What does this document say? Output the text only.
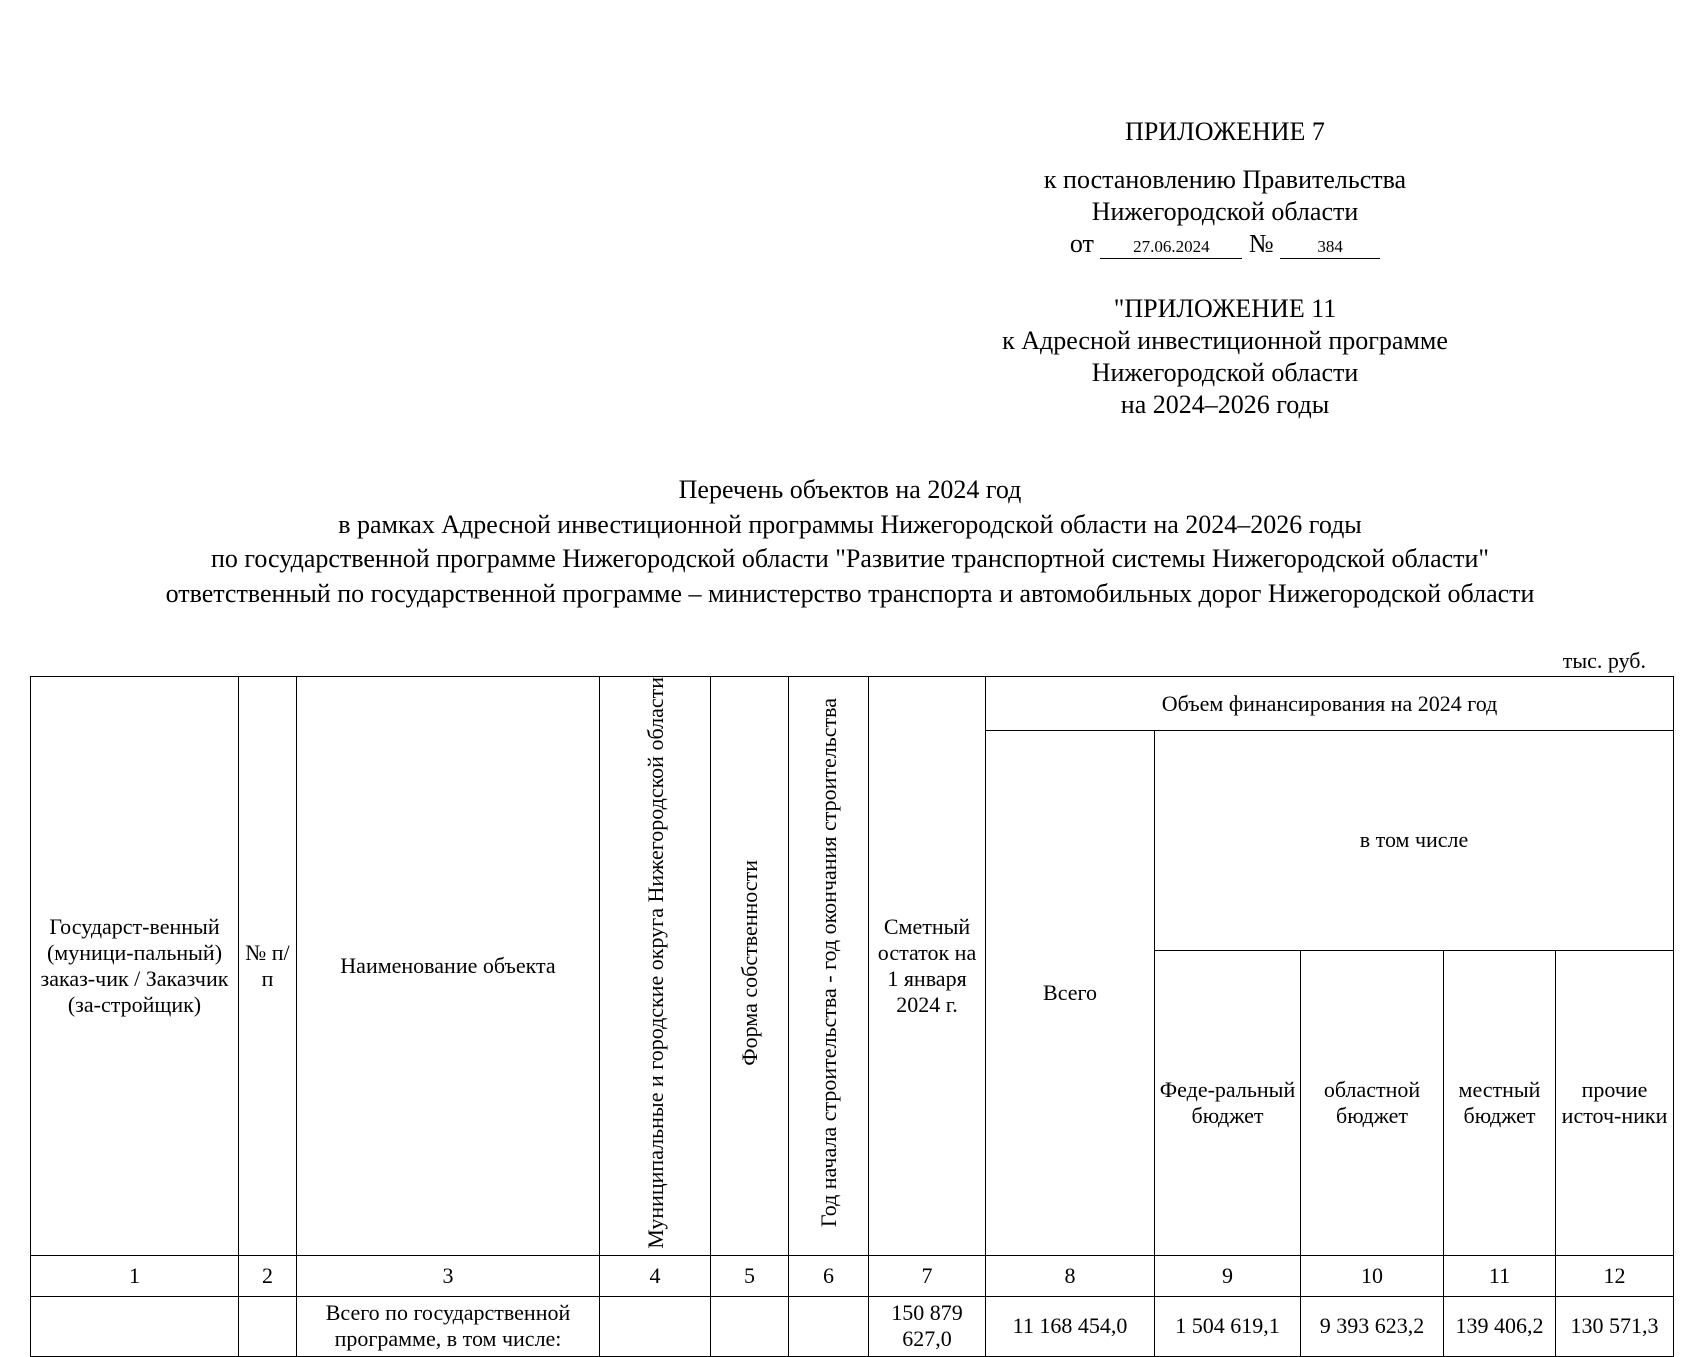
ПРИЛОЖЕНИЕ 7
к постановлению Правительства
Нижегородской области
от 27.06.2024 №	384
"ПРИЛОЖЕНИЕ 11
к Адресной инвестиционной программе
Нижегородской области
на 2024–2026 годы
Перечень объектов на 2024 год
в рамках Адресной инвестиционной программы Нижегородской области на 2024–2026 годы
по государственной программе Нижегородской области "Развитие транспортной системы Нижегородской области"
ответственный по государственной программе – министерство транспорта и автомобильных дорог Нижегородской области
тыс. руб.
Государст-венный (муници-пальный) заказ-чик / Заказчик (за-стройщик)	№ п/п	Наименование объекта	Муниципальные и городские округа Нижегородской области	Форма собственности	Год начала строительства - год окончания строительства	Сметный остаток на 1 января 2024 г.	Объем финансирования на 2024 год				
							Всего	в том числе			
								Феде-ральный бюджет	областной бюджет	местный бюджет	прочие источ-ники
1	2	3	4	5	6	7	8	9	10	11	12
		Всего по государственной программе, в том числе:				150 879 627,0	11 168 454,0	1 504 619,1	9 393 623,2	139 406,2	130 571,3
